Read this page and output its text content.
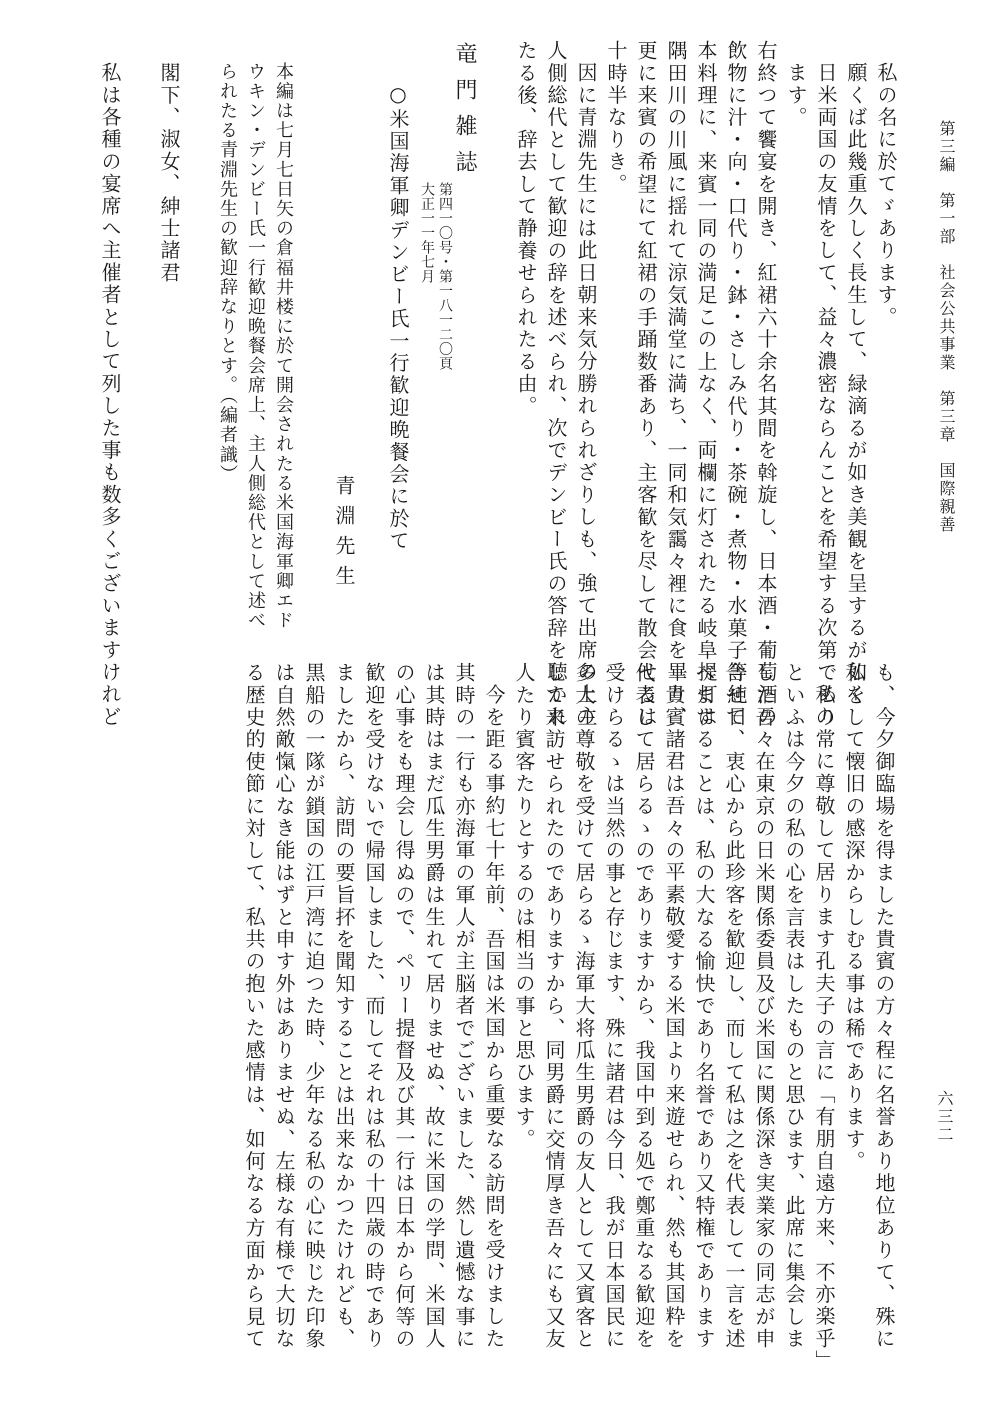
第三編　第一部　社会公共事業　第三章　国際親善
六三二
私の名に於てゞあります。
願くば此幾重久しく長生して、緑滴るが如き美観を呈するが如く
日米両国の友情をして、益々濃密ならんことを希望する次第であり
ます。
右終つて饗宴を開き、紅裙六十余名其間を斡旋し、日本酒・葡萄酒の
飲物に汁・向・口代り・鉢・さしみ代り・茶碗・煮物・水菓子等純日
本料理に、来賓一同の満足この上なく、両欄に灯されたる岐阜提灯は
隅田川の川風に揺れて涼気満堂に満ち、一同和気靄々裡に食を畢り、
更に来賓の希望にて紅裙の手踊数番あり、主客歓を尽して散会せるは
十時半なりき。
因に青淵先生には此日朝来気分勝れられざりしも、強て出席の上主
人側総代として歓迎の辞を述べられ、次でデンビー氏の答辞を聴かれ
たる後、辞去して静養せられたる由。
竜門雑誌
第四一〇号・第一八一二〇頁
大正一一年七月
○米国海軍卿デンビー氏一行歓迎晩餐会に於て
青淵先生
本編は七月七日矢の倉福井楼に於て開会されたる米国海軍卿エド
ウキン・デンビー氏一行歓迎晩餐会席上、主人側総代として述べ
られたる青淵先生の歓迎辞なりとす。（編者識）
閣下、淑女、紳士諸君
私は各種の宴席へ主催者として列した事も数多くございますけれど
も、今夕御臨場を得ました貴賓の方々程に名誉あり地位ありて、殊に
私をして懐旧の感深からしむる事は稀であります。
私の常に尊敬して居ります孔夫子の言に「有朋自遠方来、不亦楽乎」
といふは今夕の私の心を言表はしたものと思ひます、此席に集会しま
した吾々在東京の日米関係委員及び米国に関係深き実業家の同志が申
合せて、衷心から此珍客を歓迎し、而して私は之を代表して一言を述
べますることは、私の大なる愉快であり名誉であり又特権であります
貴賓諸君は吾々の平素敬愛する米国より来遊せられ、然も其国粋を
代表して居らるゝのでありますから、我国中到る処で鄭重なる歓迎を
受けらるゝは当然の事と存じます、殊に諸君は今日、我が日本国民に
多大の尊敬を受けて居らるゝ海軍大将瓜生男爵の友人として又賓客と
して来訪せられたのでありますから、同男爵に交情厚き吾々にも又友
人たり賓客たりとするのは相当の事と思ひます。
今を距る事約七十年前、吾国は米国から重要なる訪問を受けました
其時の一行も亦海軍の軍人が主脳者でございました、然し遺憾な事に
は其時はまだ瓜生男爵は生れて居りませぬ、故に米国の学問、米国人
の心事をも理会し得ぬので、ペリー提督及び其一行は日本から何等の
歓迎を受けないで帰国しました、而してそれは私の十四歳の時であり
ましたから、訪問の要旨抔を聞知することは出来なかつたけれども、
黒船の一隊が鎖国の江戸湾に迫つた時、少年なる私の心に映じた印象
は自然敵愾心なき能はずと申す外はありませぬ、左様な有様で大切な
る歴史的使節に対して、私共の抱いた感情は、如何なる方面から見て
